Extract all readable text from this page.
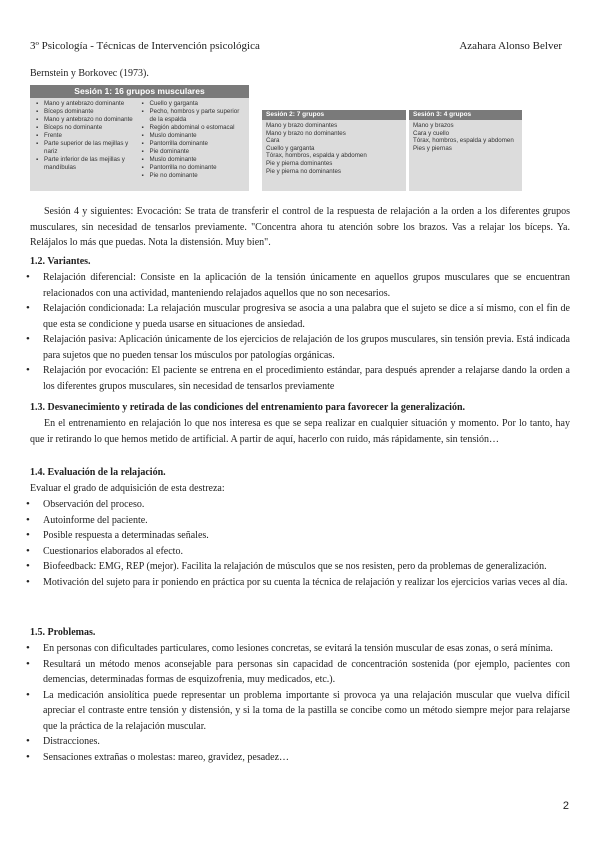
3º Psicología - Técnicas de Intervención psicológica	Azahara Alonso Belver
Bernstein y Borkovec (1973).
Sesión 1: 16 grupos musculares
▪ Mano y antebrazo dominante
▪ Bíceps dominante
▪ Mano y antebrazo no dominante
▪ Bíceps no dominante
▪ Frente
▪ Parte superior de las mejillas y nariz
▪ Parte inferior de las mejillas y mandíbulas
▪ Cuello y garganta
▪ Pecho, hombros y parte superior de la espalda
▪ Región abdominal o estomacal
▪ Muslo dominante
▪ Pantorrilla dominante
▪ Pie dominante
▪ Muslo dominante
▪ Pantorrilla no dominante
▪ Pie no dominante
Sesión 2: 7 grupos
Mano y brazo dominantes
Mano y brazo no dominantes
Cara
Cuello y garganta
Tórax, hombros, espalda y abdomen
Pie y pierna dominantes
Pie y pierna no dominantes
Sesión 3: 4 grupos
Mano y brazos
Cara y cuello
Tórax, hombros, espalda y abdomen
Pies y piernas
Sesión 4 y siguientes: Evocación: Se trata de transferir el control de la respuesta de relajación a la orden a los diferentes grupos musculares, sin necesidad de tensarlos previamente. "Concentra ahora tu atención sobre los brazos. Vas a relajar los bíceps. Ya. Relájalos lo más que puedas. Nota la distensión. Muy bien".
1.2. Variantes.
• Relajación diferencial: Consiste en la aplicación de la tensión únicamente en aquellos grupos musculares que se encuentran relacionados con una actividad, manteniendo relajados aquellos que no son necesarios.
• Relajación condicionada: La relajación muscular progresiva se asocia a una palabra que el sujeto se dice a sí mismo, con el fin de que esta se condicione y pueda usarse en situaciones de ansiedad.
• Relajación pasiva: Aplicación únicamente de los ejercicios de relajación de los grupos musculares, sin tensión previa. Está indicada para sujetos que no pueden tensar los músculos por patologías orgánicas.
• Relajación por evocación: El paciente se entrena en el procedimiento estándar, para después aprender a relajarse dando la orden a los diferentes grupos musculares, sin necesidad de tensarlos previamente
1.3. Desvanecimiento y retirada de las condiciones del entrenamiento para favorecer la generalización.
En el entrenamiento en relajación lo que nos interesa es que se sepa realizar en cualquier situación y momento. Por lo tanto, hay que ir retirando lo que hemos metido de artificial. A partir de aquí, hacerlo con ruido, más rápidamente, sin tensión…
1.4. Evaluación de la relajación.
Evaluar el grado de adquisición de esta destreza:
• Observación del proceso.
• Autoinforme del paciente.
• Posible respuesta a determinadas señales.
• Cuestionarios elaborados al efecto.
• Biofeedback: EMG, REP (mejor). Facilita la relajación de músculos que se nos resisten, pero da problemas de generalización.
• Motivación del sujeto para ir poniendo en práctica por su cuenta la técnica de relajación y realizar los ejercicios varias veces al día.
1.5. Problemas.
• En personas con dificultades particulares, como lesiones concretas, se evitará la tensión muscular de esas zonas, o será mínima.
• Resultará un método menos aconsejable para personas sin capacidad de concentración sostenida (por ejemplo, pacientes con demencias, determinadas formas de esquizofrenia, muy medicados, etc.).
• La medicación ansiolítica puede representar un problema importante si provoca ya una relajación muscular que vuelva difícil apreciar el contraste entre tensión y distensión, y si la toma de la pastilla se concibe como un método siempre mejor para relajarse que la práctica de la relajación muscular.
• Distracciones.
• Sensaciones extrañas o molestas: mareo, gravidez, pesadez…
2
